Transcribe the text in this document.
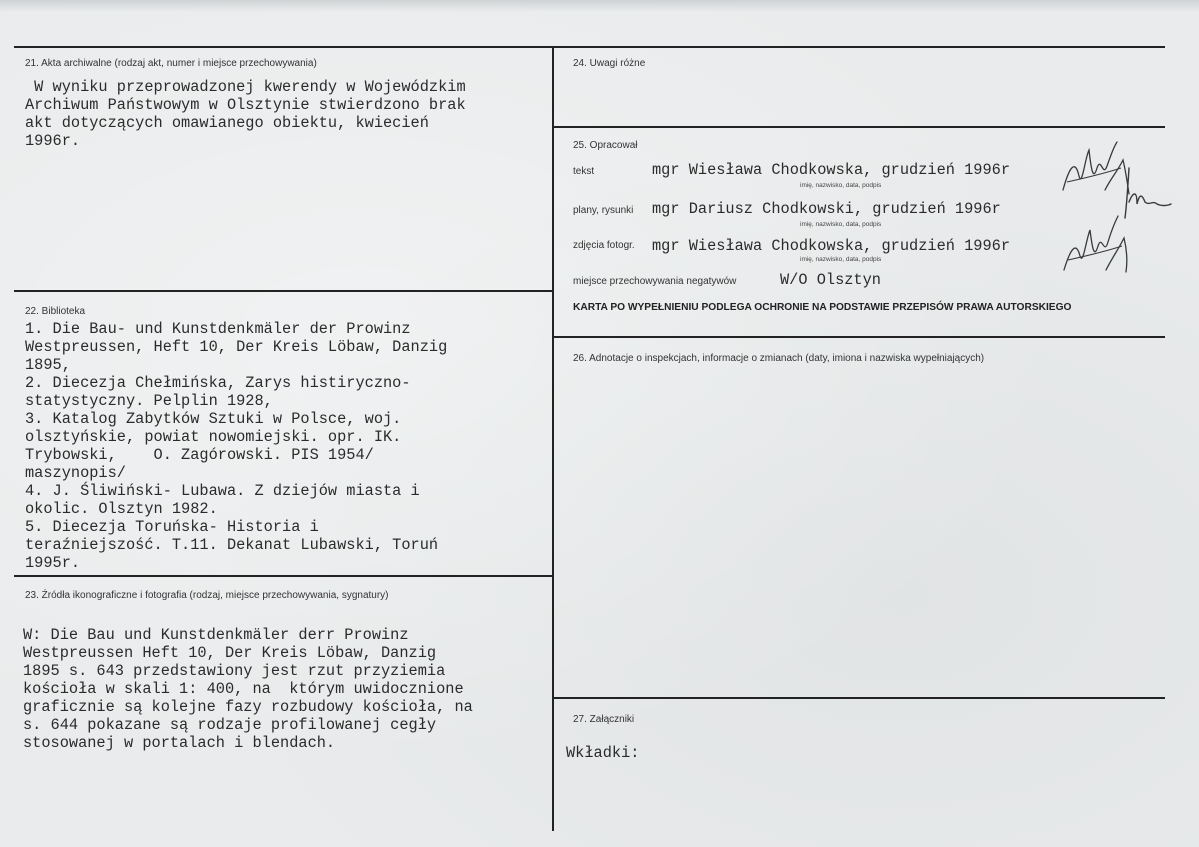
21. Akta archiwalne (rodzaj akt, numer i miejsce przechowywania)
W wyniku przeprowadzonej kwerendy w Wojewódzkim
Archiwum Państwowym w Olsztynie stwierdzono brak
akt dotyczących omawianego obiektu, kwiecień
1996r.
22. Biblioteka
1. Die Bau- und Kunstdenkmäler der Prowinz
Westpreussen, Heft 10, Der Kreis Löbaw, Danzig
1895,
2. Diecezja Chełmińska, Zarys histiryczno-
statystyczny. Pelplin 1928,
3. Katalog Zabytków Sztuki w Polsce, woj.
olsztyńskie, powiat nowomiejski. opr. IK.
Trybowski,    O. Zagórowski. PIS 1954/
maszynopis/
4. J. Śliwiński- Lubawa. Z dziejów miasta i
okolic. Olsztyn 1982.
5. Diecezja Toruńska- Historia i
teraźniejszość. T.11. Dekanat Lubawski, Toruń
1995r.
23. Źródła ikonograficzne i fotografia (rodzaj, miejsce przechowywania, sygnatury)
W: Die Bau und Kunstdenkmäler derr Prowinz
Westpreussen Heft 10, Der Kreis Löbaw, Danzig
1895 s. 643 przedstawiony jest rzut przyziemia
kościoła w skali 1: 400, na  którym uwidocznione
graficznie są kolejne fazy rozbudowy kościoła, na
s. 644 pokazane są rodzaje profilowanej cegły
stosowanej w portalach i blendach.
24. Uwagi różne
25. Opracował
tekst	mgr Wiesława Chodkowska, grudzień 1996r
imię, nazwisko, data, podpis
plany, rysunki mgr Dariusz Chodkowski, grudzień 1996r
imię, nazwisko, data, podpis
zdjęcia fotogr. mgr Wiesława Chodkowska, grudzień 1996r
imię, nazwisko, data, podpis
miejsce przechowywania negatywów	W/O Olsztyn
KARTA PO WYPEŁNIENIU PODLEGA OCHRONIE NA PODSTAWIE PRZEPISÓW PRAWA AUTORSKIEGO
26. Adnotacje o inspekcjach, informacje o zmianach (daty, imiona i nazwiska wypełniających)
27. Załączniki
Wkładki:
